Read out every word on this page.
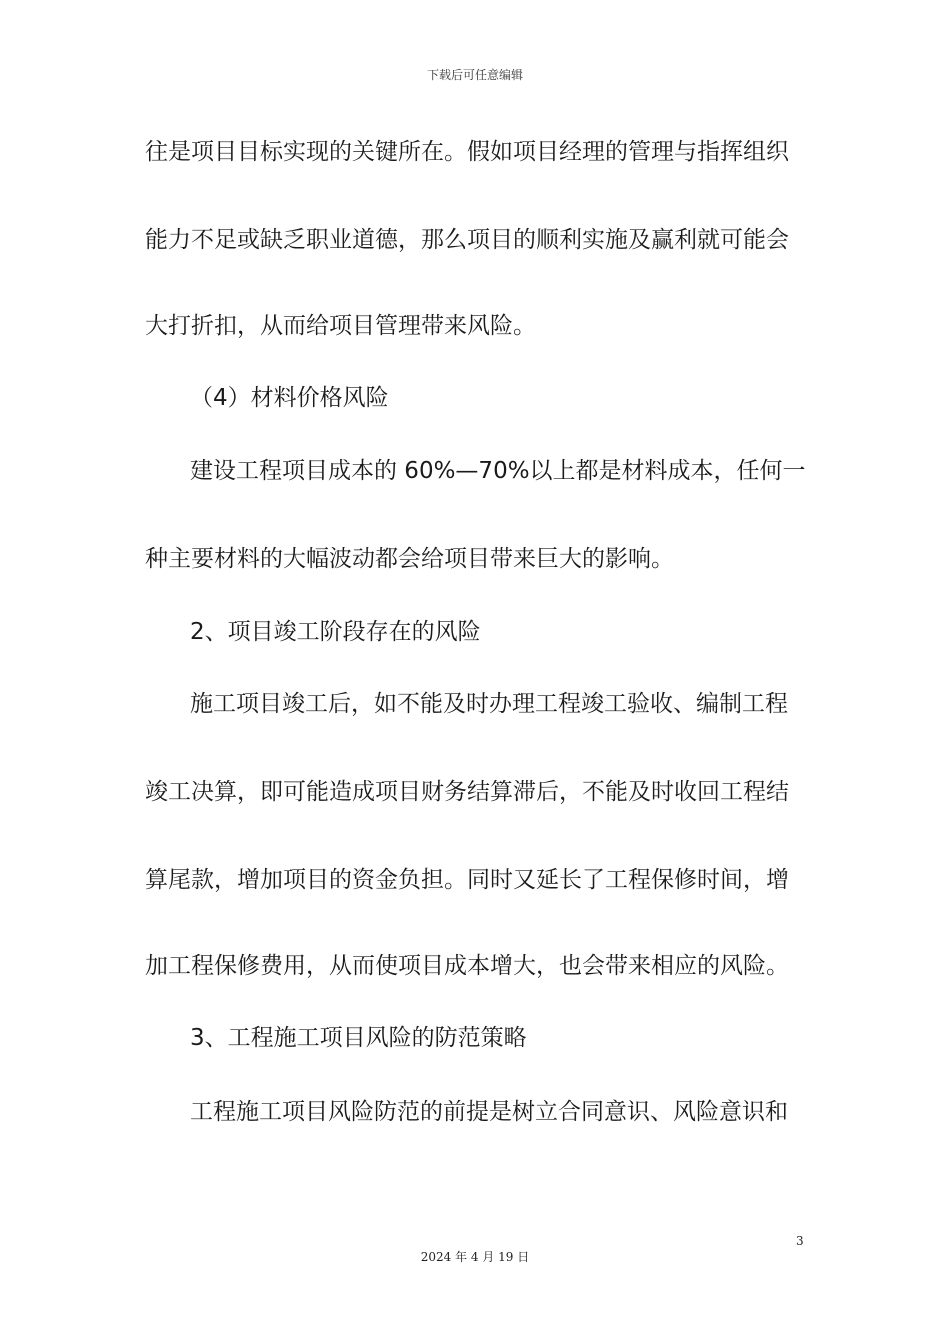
下载后可任意编辑
往是项目目标实现的关键所在。假如项目经理的管理与指挥组织
能力不足或缺乏职业道德，那么项目的顺利实施及赢利就可能会
大打折扣，从而给项目管理带来风险。
（4）材料价格风险
建设工程项目成本的 60%—70%以上都是材料成本，任何一
种主要材料的大幅波动都会给项目带来巨大的影响。
2、项目竣工阶段存在的风险
施工项目竣工后，如不能及时办理工程竣工验收、编制工程
竣工决算，即可能造成项目财务结算滞后，不能及时收回工程结
算尾款，增加项目的资金负担。同时又延长了工程保修时间，增
加工程保修费用，从而使项目成本增大，也会带来相应的风险。
3、工程施工项目风险的防范策略
工程施工项目风险防范的前提是树立合同意识、风险意识和
3
2024 年 4 月 19 日
